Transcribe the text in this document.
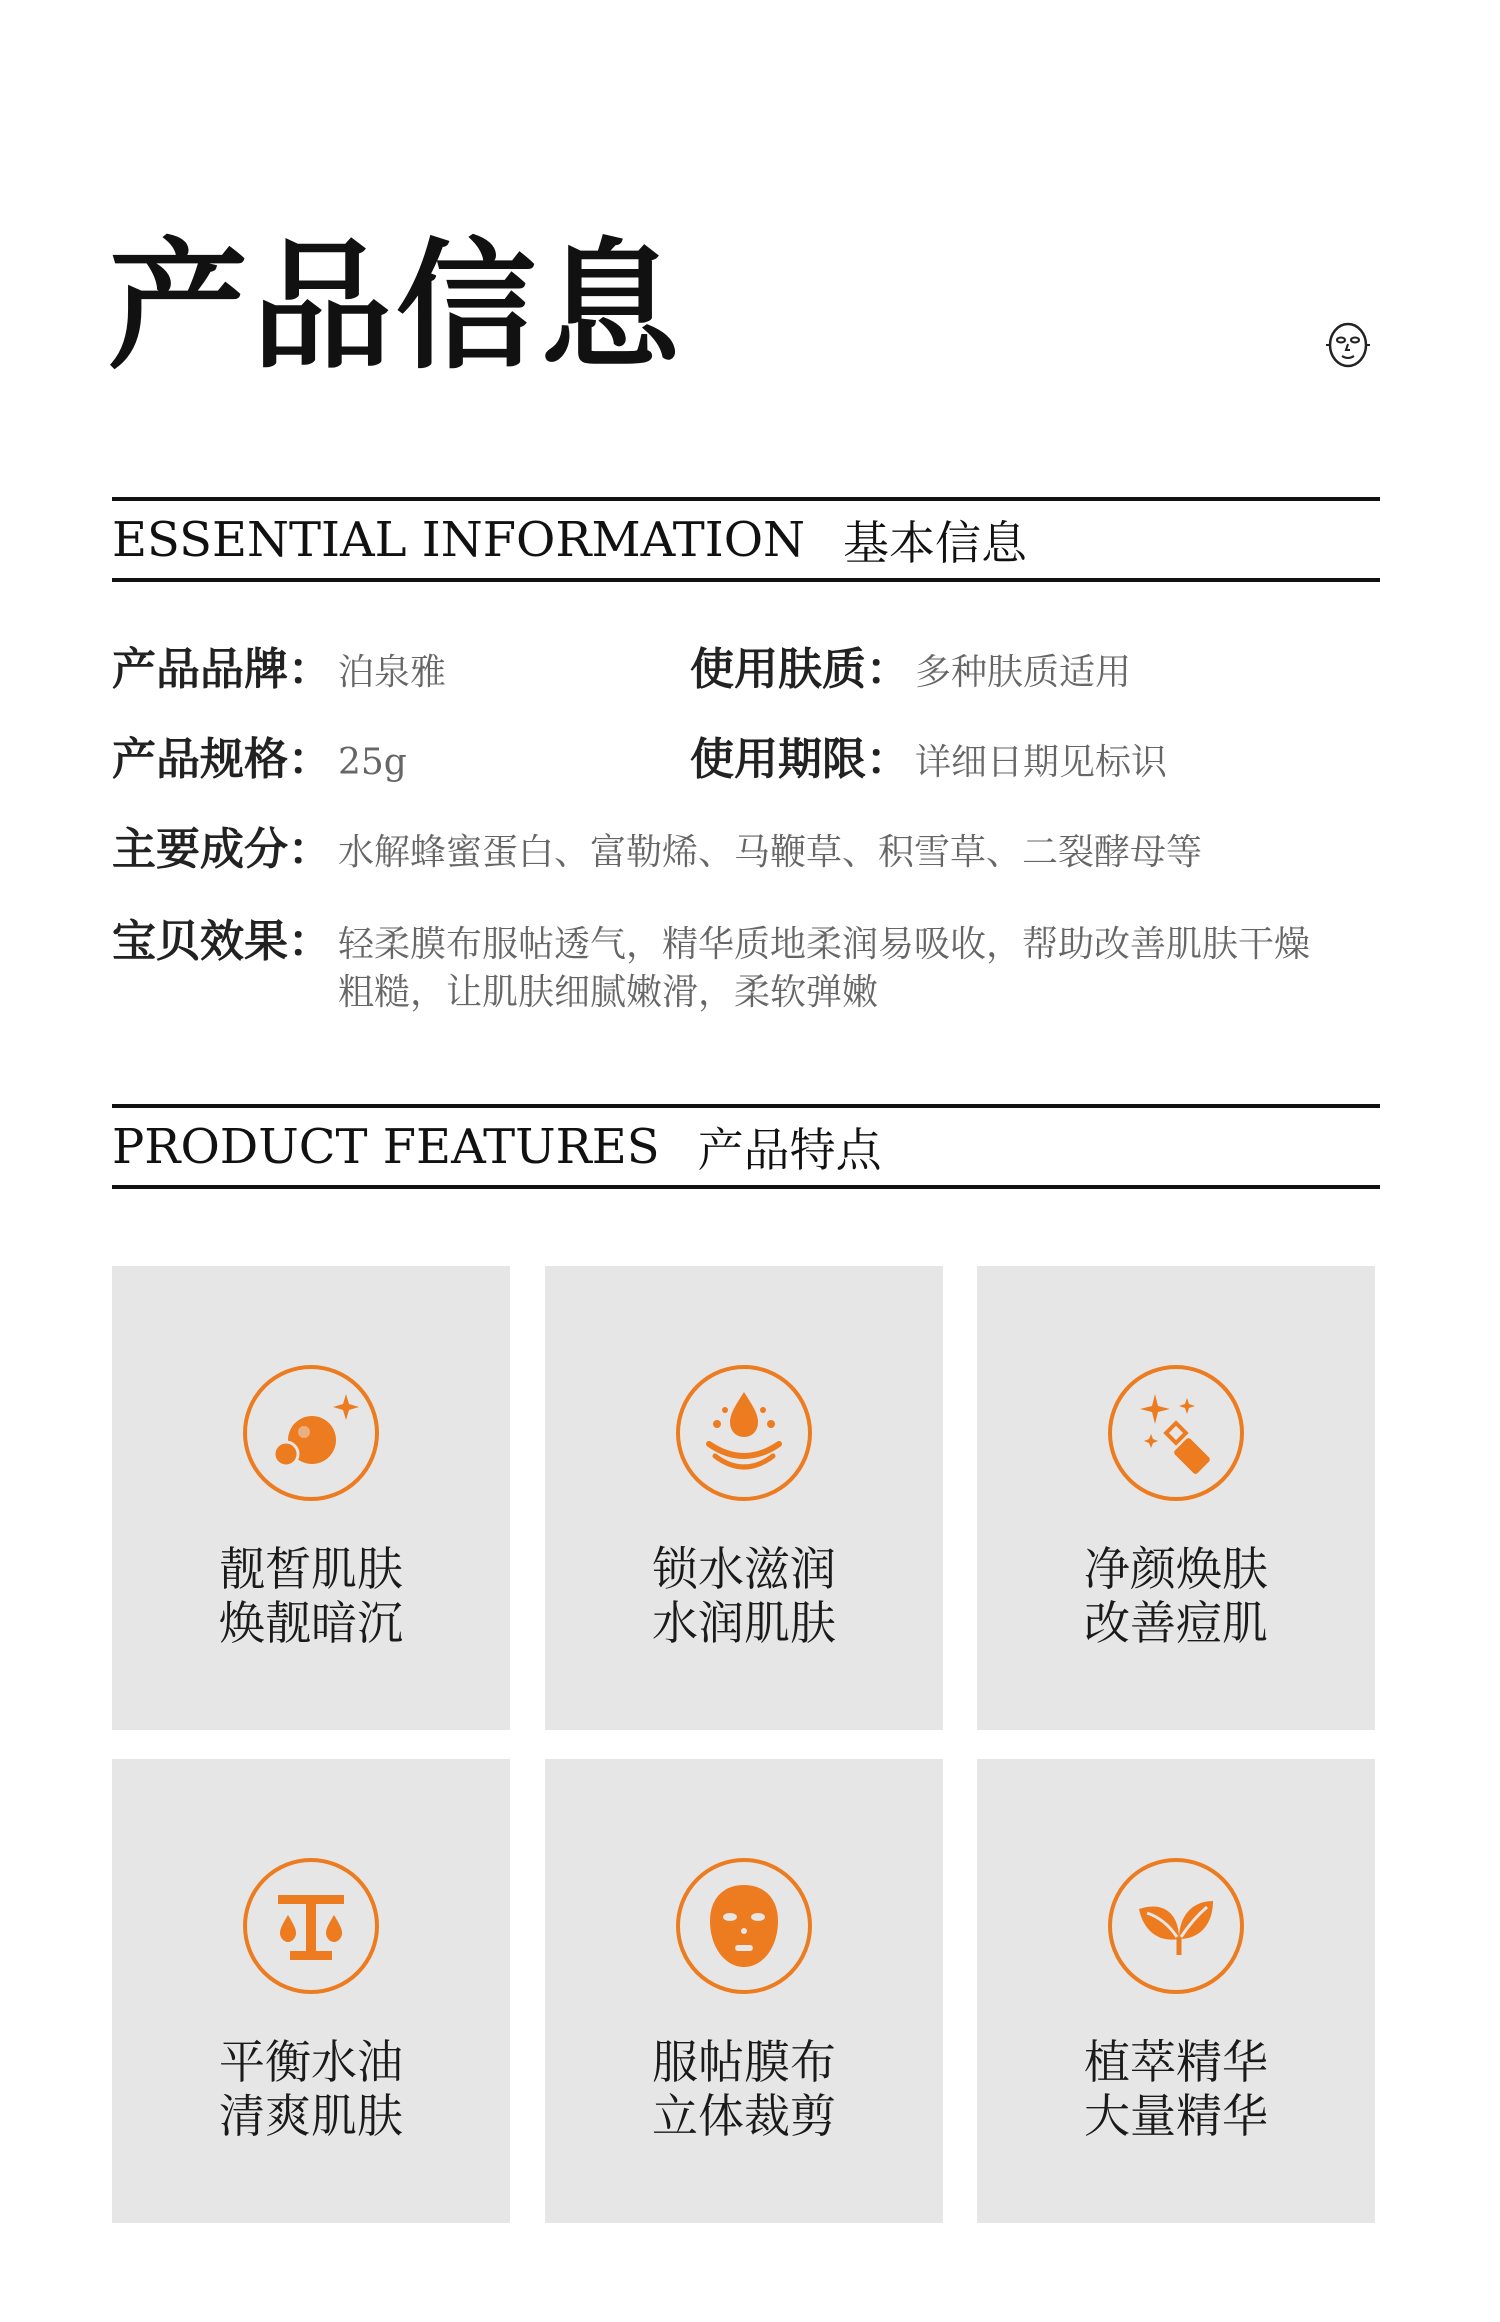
产品信息
ESSENTIAL INFORMATION 基本信息
产品品牌： 泊泉雅	使用肤质： 多种肤质适用
产品规格： 25g	使用期限： 详细日期见标识
主要成分： 水解蜂蜜蛋白、富勒烯、马鞭草、积雪草、二裂酵母等
宝贝效果： 轻柔膜布服帖透气，精华质地柔润易吸收，帮助改善肌肤干燥
粗糙，让肌肤细腻嫩滑，柔软弹嫩
PRODUCT FEATURES 产品特点
靓皙肌肤
焕靓暗沉
锁水滋润
水润肌肤
净颜焕肤
改善痘肌
平衡水油
清爽肌肤
服帖膜布
立体裁剪
植萃精华
大量精华
